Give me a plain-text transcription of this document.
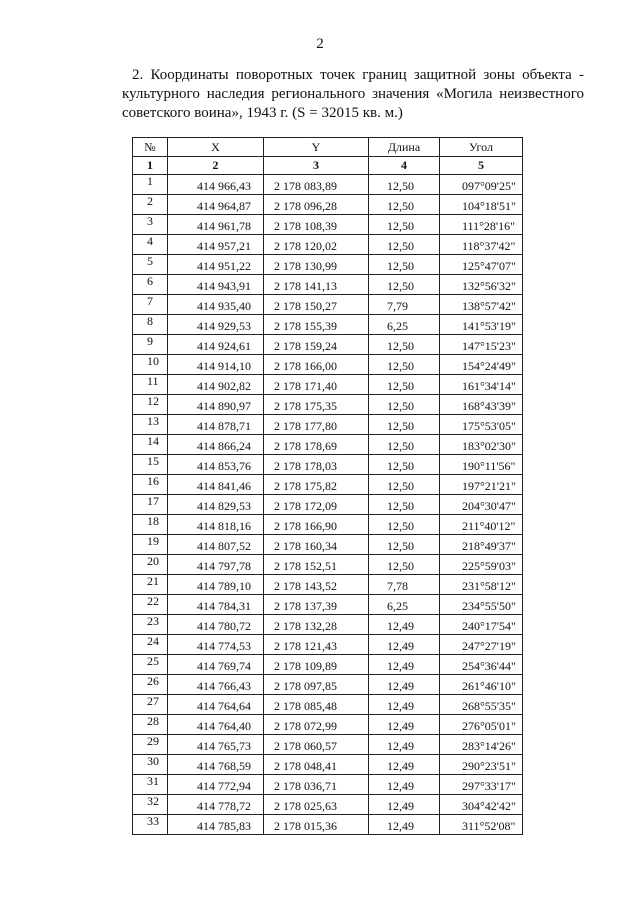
2
2. Координаты поворотных точек границ защитной зоны объекта -
культурного наследия регионального значения «Могила неизвестного
советского воина», 1943 г. (S = 32015 кв. м.)
№	X	Y	Длина	Угол
1	2	3	4	5
1	414 966,43	2 178 083,89	12,50	097°09'25"
2	414 964,87	2 178 096,28	12,50	104°18'51"
3	414 961,78	2 178 108,39	12,50	111°28'16"
4	414 957,21	2 178 120,02	12,50	118°37'42"
5	414 951,22	2 178 130,99	12,50	125°47'07"
6	414 943,91	2 178 141,13	12,50	132°56'32"
7	414 935,40	2 178 150,27	7,79	138°57'42"
8	414 929,53	2 178 155,39	6,25	141°53'19"
9	414 924,61	2 178 159,24	12,50	147°15'23"
10	414 914,10	2 178 166,00	12,50	154°24'49"
11	414 902,82	2 178 171,40	12,50	161°34'14"
12	414 890,97	2 178 175,35	12,50	168°43'39"
13	414 878,71	2 178 177,80	12,50	175°53'05"
14	414 866,24	2 178 178,69	12,50	183°02'30"
15	414 853,76	2 178 178,03	12,50	190°11'56"
16	414 841,46	2 178 175,82	12,50	197°21'21"
17	414 829,53	2 178 172,09	12,50	204°30'47"
18	414 818,16	2 178 166,90	12,50	211°40'12"
19	414 807,52	2 178 160,34	12,50	218°49'37"
20	414 797,78	2 178 152,51	12,50	225°59'03"
21	414 789,10	2 178 143,52	7,78	231°58'12"
22	414 784,31	2 178 137,39	6,25	234°55'50"
23	414 780,72	2 178 132,28	12,49	240°17'54"
24	414 774,53	2 178 121,43	12,49	247°27'19"
25	414 769,74	2 178 109,89	12,49	254°36'44"
26	414 766,43	2 178 097,85	12,49	261°46'10"
27	414 764,64	2 178 085,48	12,49	268°55'35"
28	414 764,40	2 178 072,99	12,49	276°05'01"
29	414 765,73	2 178 060,57	12,49	283°14'26"
30	414 768,59	2 178 048,41	12,49	290°23'51"
31	414 772,94	2 178 036,71	12,49	297°33'17"
32	414 778,72	2 178 025,63	12,49	304°42'42"
33	414 785,83	2 178 015,36	12,49	311°52'08"
